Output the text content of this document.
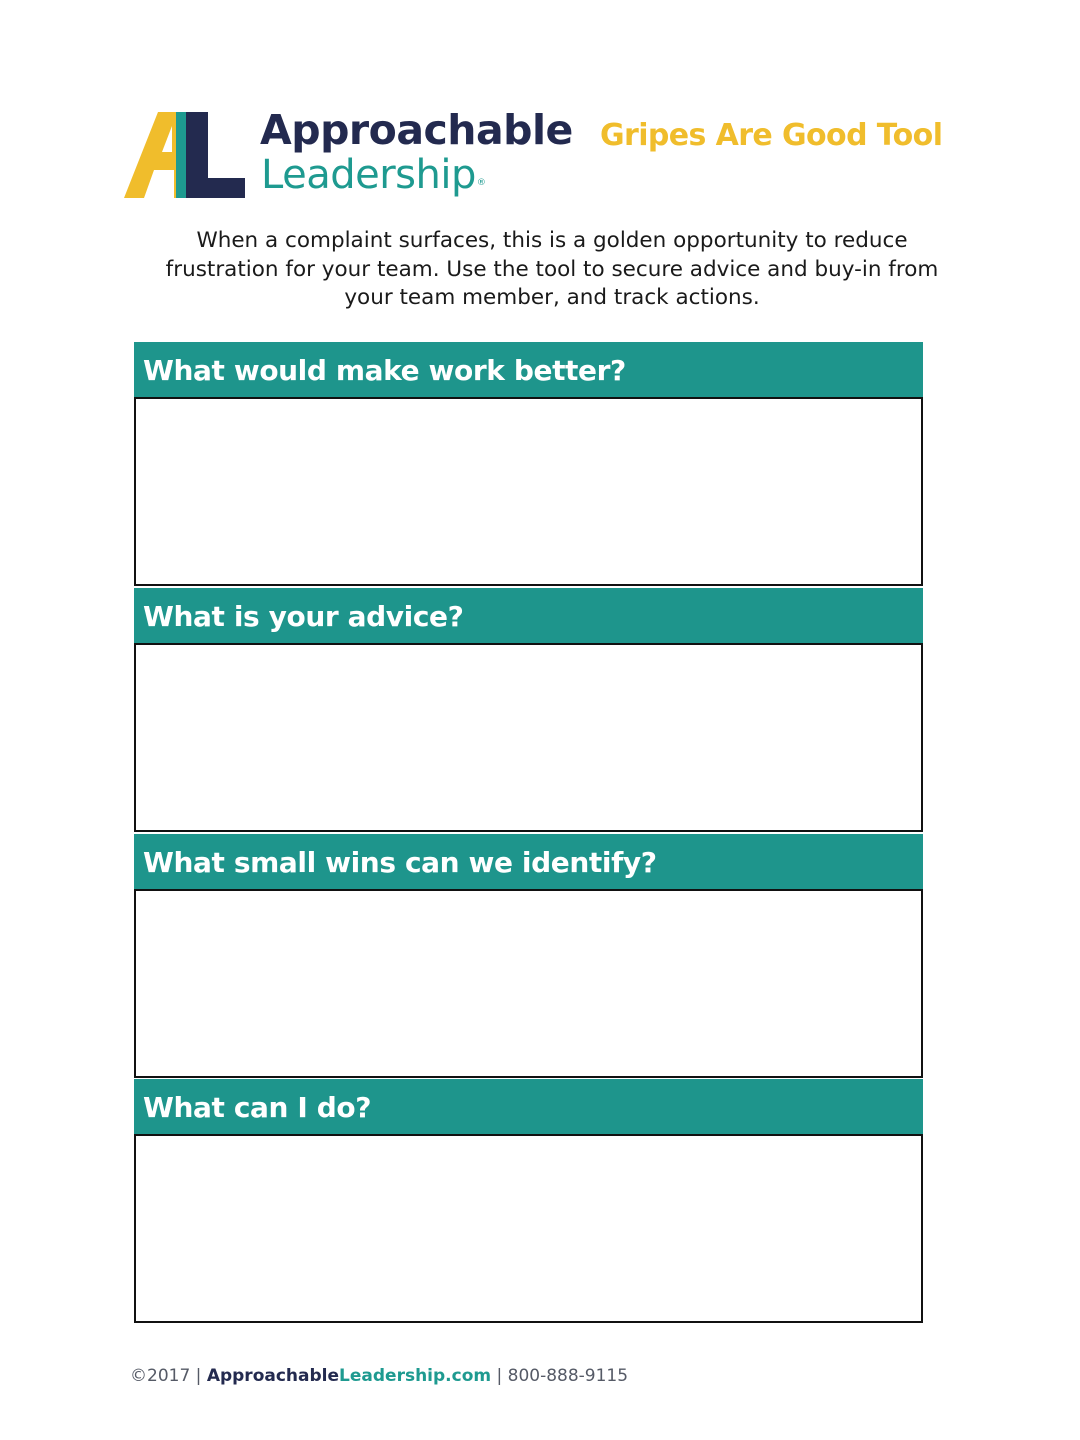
Approachable
Leadership®
Gripes Are Good Tool
When a complaint surfaces, this is a golden opportunity to reduce frustration for your team. Use the tool to secure advice and buy-in from your team member, and track actions.
What would make work better?
What is your advice?
What small wins can we identify?
What can I do?
©2017 | ApproachableLeadership.com | 800-888-9115
